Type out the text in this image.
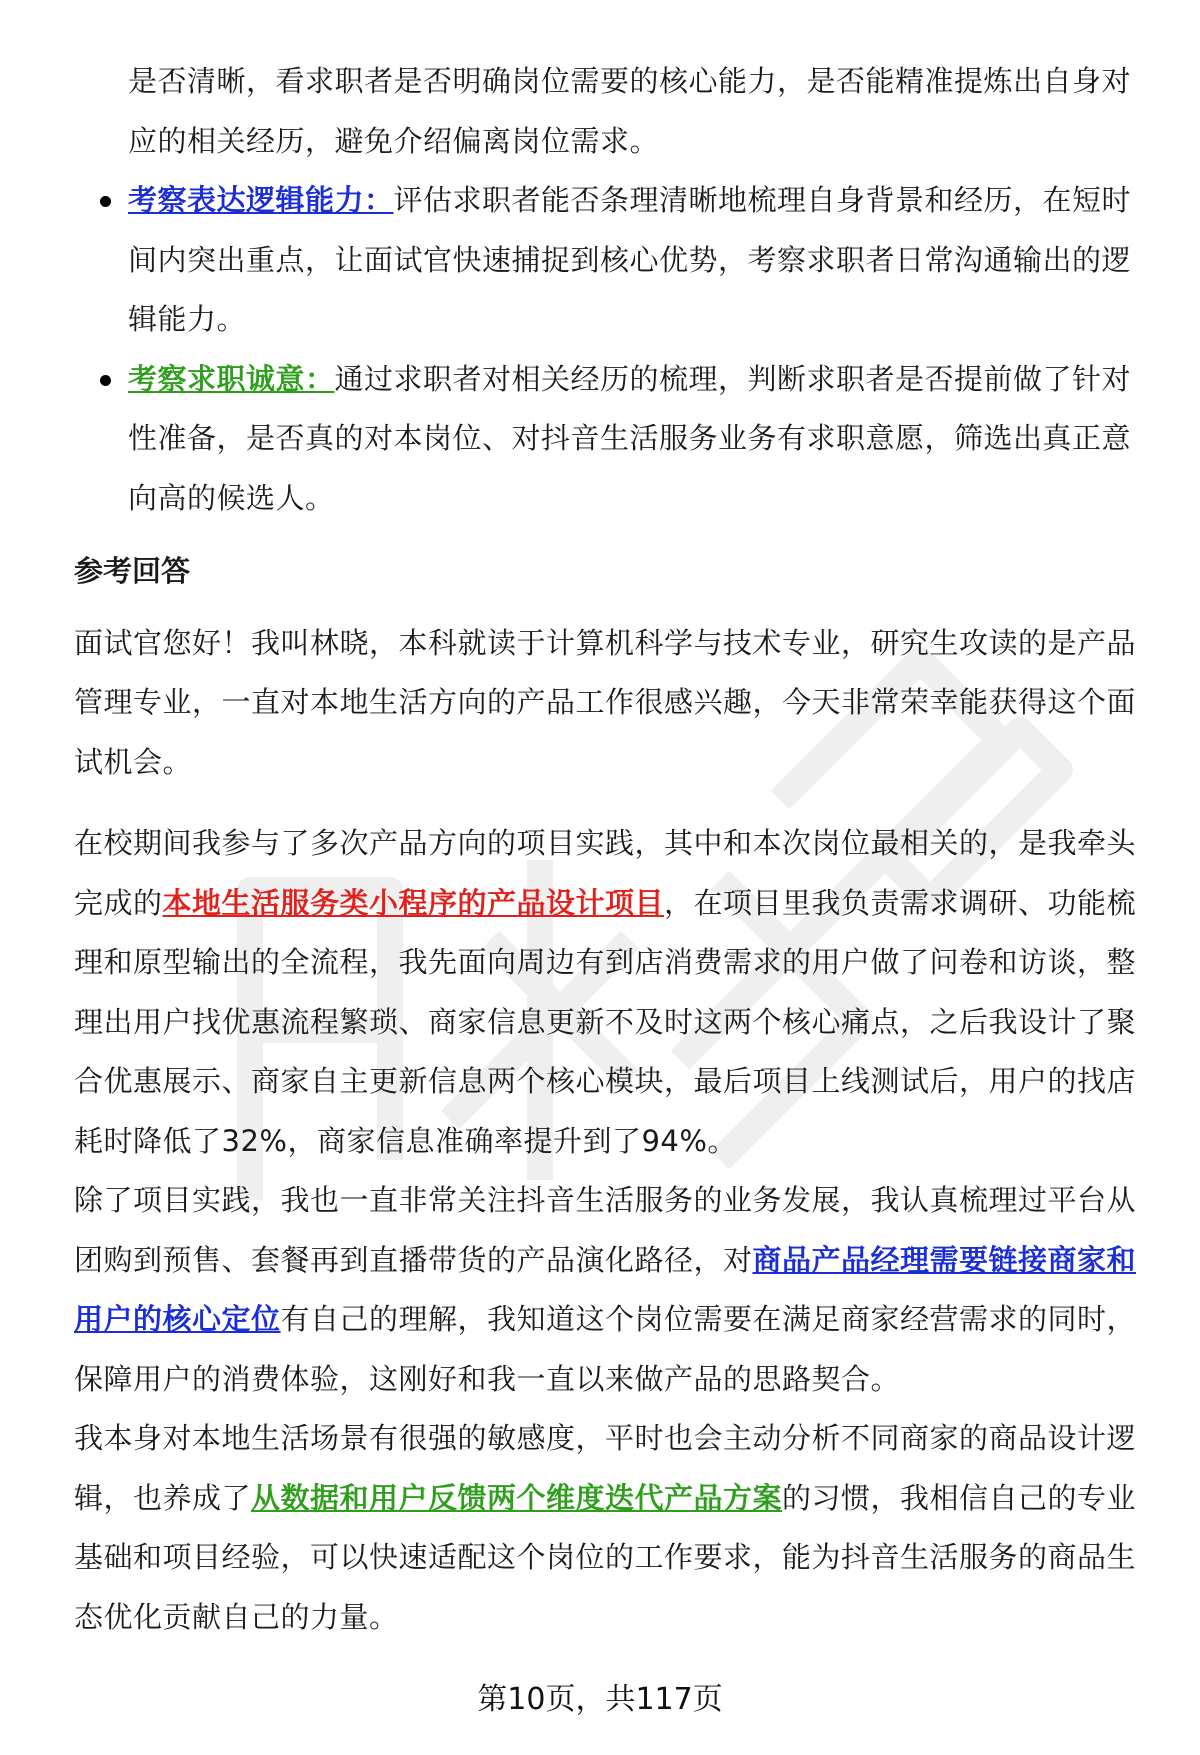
是否清晰，看求职者是否明确岗位需要的核心能力，是否能精准提炼出自身对应的相关经历，避免介绍偏离岗位需求。

考察表达逻辑能力：评估求职者能否条理清晰地梳理自身背景和经历，在短时间内突出重点，让面试官快速捕捉到核心优势，考察求职者日常沟通输出的逻辑能力。

考察求职诚意：通过求职者对相关经历的梳理，判断求职者是否提前做了针对性准备，是否真的对本岗位、对抖音生活服务业务有求职意愿，筛选出真正意向高的候选人。

参考回答

面试官您好！我叫林晓，本科就读于计算机科学与技术专业，研究生攻读的是产品管理专业，一直对本地生活方向的产品工作很感兴趣，今天非常荣幸能获得这个面试机会。

在校期间我参与了多次产品方向的项目实践，其中和本次岗位最相关的，是我牵头完成的本地生活服务类小程序的产品设计项目，在项目里我负责需求调研、功能梳理和原型输出的全流程，我先面向周边有到店消费需求的用户做了问卷和访谈，整理出用户找优惠流程繁琐、商家信息更新不及时这两个核心痛点，之后我设计了聚合优惠展示、商家自主更新信息两个核心模块，最后项目上线测试后，用户的找店耗时降低了32%，商家信息准确率提升到了94%。

除了项目实践，我也一直非常关注抖音生活服务的业务发展，我认真梳理过平台从团购到预售、套餐再到直播带货的产品演化路径，对商品产品经理需要链接商家和用户的核心定位有自己的理解，我知道这个岗位需要在满足商家经营需求的同时，保障用户的消费体验，这刚好和我一直以来做产品的思路契合。

我本身对本地生活场景有很强的敏感度，平时也会主动分析不同商家的商品设计逻辑，也养成了从数据和用户反馈两个维度迭代产品方案的习惯，我相信自己的专业基础和项目经验，可以快速适配这个岗位的工作要求，能为抖音生活服务的商品生态优化贡献自己的力量。

第10页，共117页
